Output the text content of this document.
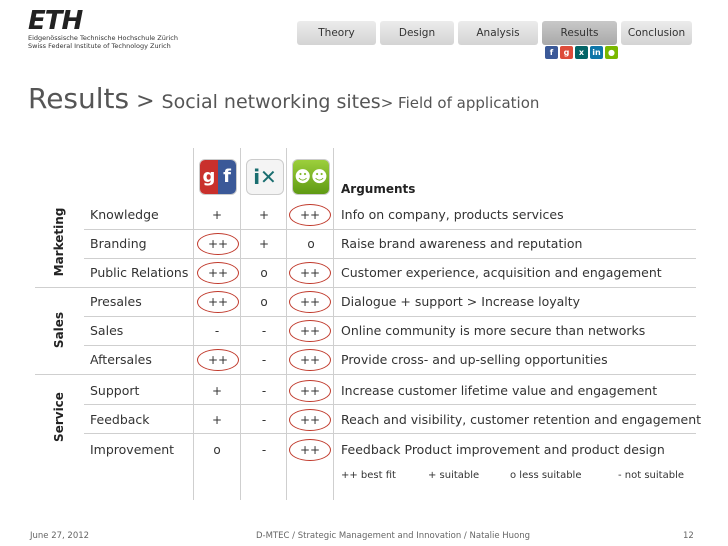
ETH
Eidgenössische Technische Hochschule Zürich
Swiss Federal Institute of Technology Zurich
Theory	Design	Analysis	Results	Conclusion
f	g	x	in ●
Results > Social networking sites> Field of application
g f	i✕	☻☻
Arguments
Marketing
Sales
Service
Knowledge	+	+	++	Info on company, products services
Branding	++	+	o	Raise brand awareness and reputation
Public Relations	++	o	++	Customer experience, acquisition and engagement
Presales	++	o	++	Dialogue + support > Increase loyalty
Sales	-	-	++	Online community is more secure than networks
Aftersales	++	-	++	Provide cross- and up-selling opportunities
Support	+	-	++	Increase customer lifetime value and engagement
Feedback	+	-	++	Reach and visibility, customer retention and engagement
Improvement	o	-	++	Feedback Product improvement and product design
++ best fit	+ suitable	o less suitable	- not suitable
June 27, 2012	D-MTEC / Strategic Management and Innovation / Natalie Huong	12
